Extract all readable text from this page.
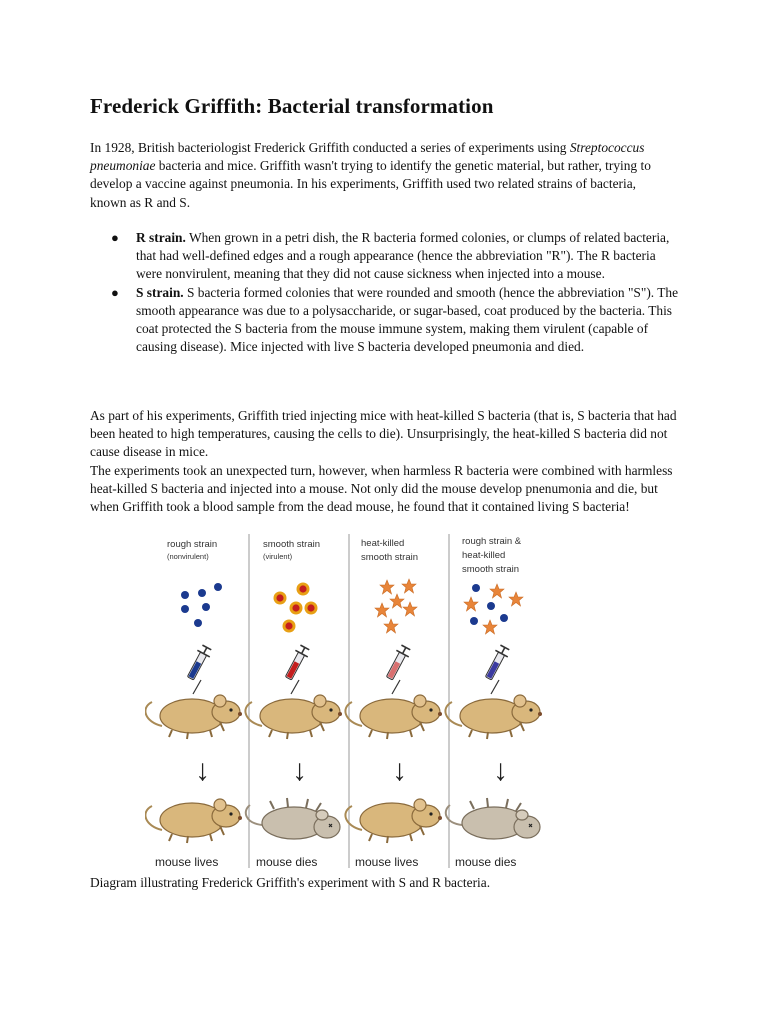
Frederick Griffith: Bacterial transformation

In 1928, British bacteriologist Frederick Griffith conducted a series of experiments using Streptococcus pneumoniae bacteria and mice. Griffith wasn't trying to identify the genetic material, but rather, trying to develop a vaccine against pneumonia. In his experiments, Griffith used two related strains of bacteria, known as R and S.

● R strain. When grown in a petri dish, the R bacteria formed colonies, or clumps of related bacteria, that had well-defined edges and a rough appearance (hence the abbreviation "R"). The R bacteria were nonvirulent, meaning that they did not cause sickness when injected into a mouse.
● S strain. S bacteria formed colonies that were rounded and smooth (hence the abbreviation "S"). The smooth appearance was due to a polysaccharide, or sugar-based, coat produced by the bacteria. This coat protected the S bacteria from the mouse immune system, making them virulent (capable of causing disease). Mice injected with live S bacteria developed pneumonia and died.

As part of his experiments, Griffith tried injecting mice with heat-killed S bacteria (that is, S bacteria that had been heated to high temperatures, causing the cells to die). Unsurprisingly, the heat-killed S bacteria did not cause disease in mice.

The experiments took an unexpected turn, however, when harmless R bacteria were combined with harmless heat-killed S bacteria and injected into a mouse. Not only did the mouse develop pnenumonia and die, but when Griffith took a blood sample from the dead mouse, he found that it contained living S bacteria!

rough strain
(nonvirulent)
smooth strain
(virulent)
heat-killed
smooth strain
rough strain &
heat-killed
smooth strain
↓	↓	↓	↓
mouse lives	mouse dies	mouse lives	mouse dies
Diagram illustrating Frederick Griffith's experiment with S and R bacteria.
